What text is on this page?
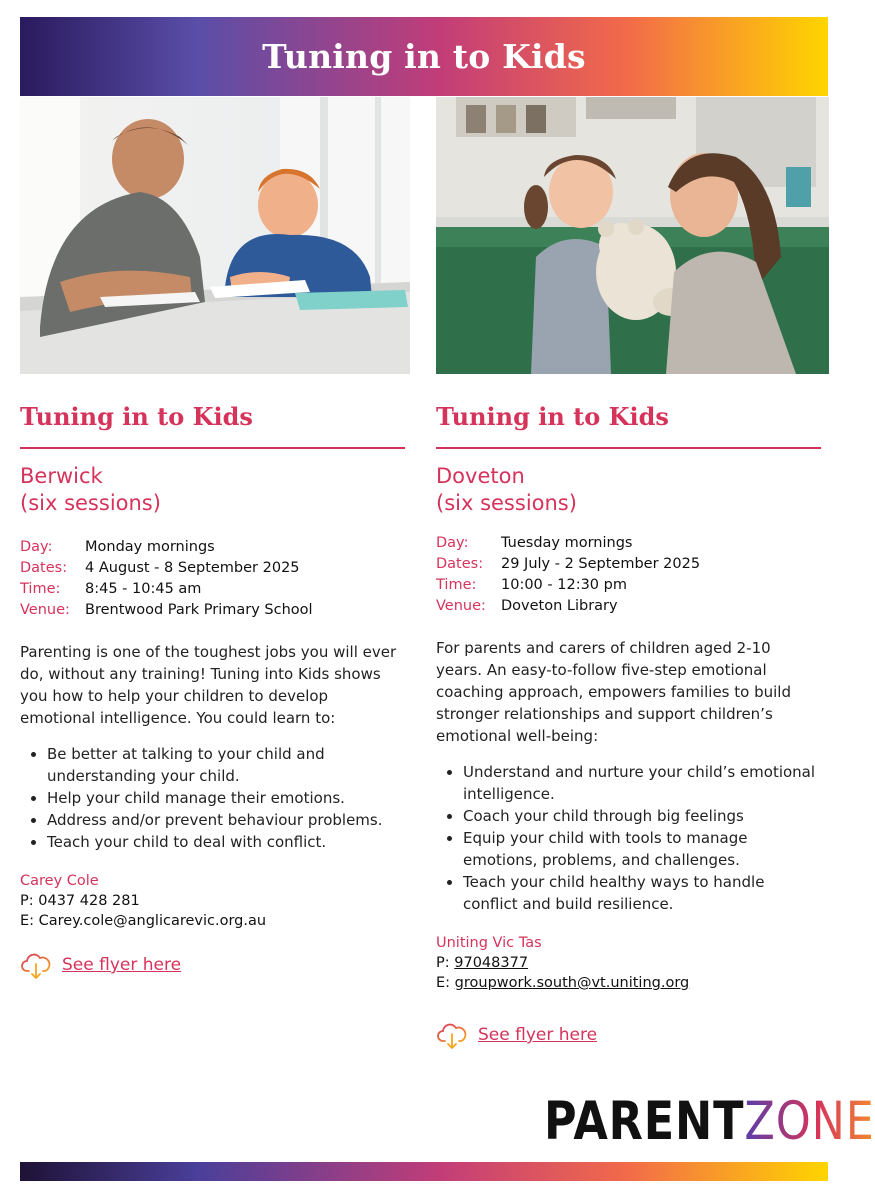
Tuning in to Kids
Tuning in to Kids
Berwick
(six sessions)
Day:	Monday mornings
Dates:	4 August - 8 September 2025
Time:	8:45 - 10:45 am
Venue:	Brentwood Park Primary School

Parenting is one of the toughest jobs you will ever do, without any training! Tuning into Kids shows you how to help your children to develop emotional intelligence. You could learn to:

• Be better at talking to your child and understanding your child.
• Help your child manage their emotions.
• Address and/or prevent behaviour problems.
• Teach your child to deal with conflict.
Carey Cole
P: 0437 428 281
E: Carey.cole@anglicarevic.org.au
See flyer here
Tuning in to Kids
Doveton
(six sessions)
Day:	Tuesday mornings
Dates:	29 July - 2 September 2025
Time:	10:00 - 12:30 pm
Venue:	Doveton Library

For parents and carers of children aged 2-10 years. An easy-to-follow five-step emotional coaching approach, empowers families to build stronger relationships and support children’s emotional well-being:

• Understand and nurture your child’s emotional intelligence.
• Coach your child through big feelings
• Equip your child with tools to manage emotions, problems, and challenges.
• Teach your child healthy ways to handle conflict and build resilience.
Uniting Vic Tas
P: 97048377
E: groupwork.south@vt.uniting.org
See flyer here
PARENT ZONE
